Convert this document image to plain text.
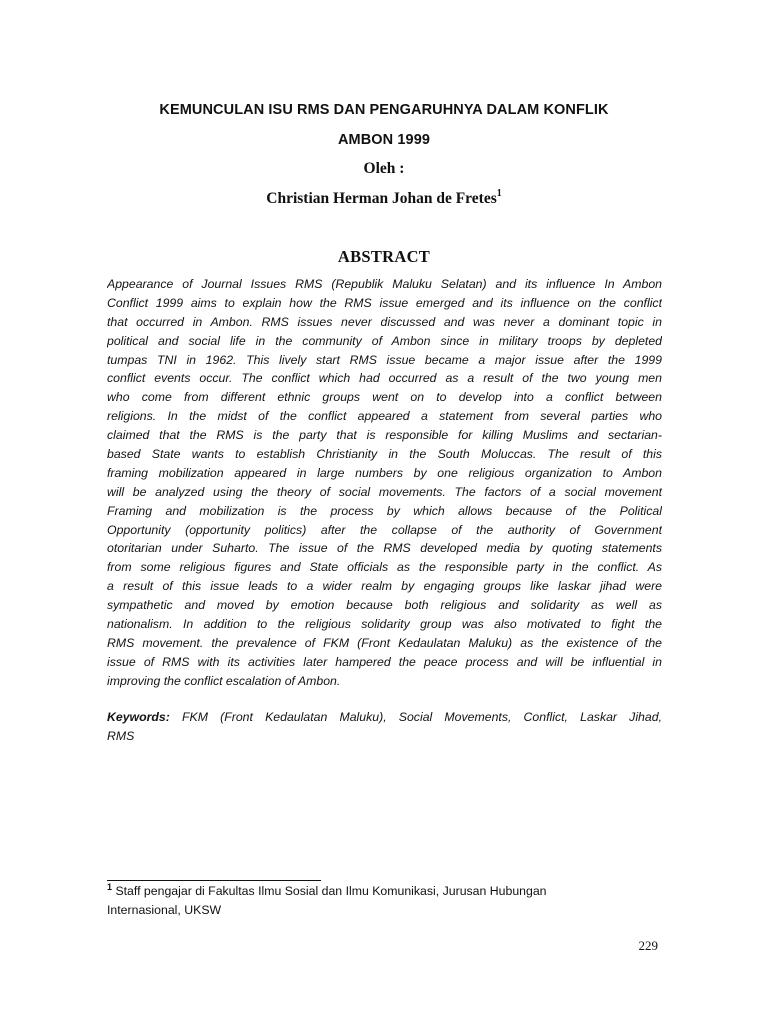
KEMUNCULAN ISU RMS DAN PENGARUHNYA DALAM KONFLIK
AMBON 1999
Oleh :
Christian Herman Johan de Fretes$^1$
ABSTRACT
Appearance of Journal Issues RMS (Republik Maluku Selatan) and its influence In Ambon
Conflict 1999 aims to explain how the RMS issue emerged and its influence on the conflict
that occurred in Ambon. RMS issues never discussed and was never a dominant topic in
political and social life in the community of Ambon since in military troops by depleted
tumpas TNI in 1962. This lively start RMS issue became a major issue after the 1999
conflict events occur. The conflict which had occurred as a result of the two young men
who come from different ethnic groups went on to develop into a conflict between
religions. In the midst of the conflict appeared a statement from several parties who
claimed that the RMS is the party that is responsible for killing Muslims and sectarian-
based State wants to establish Christianity in the South Moluccas. The result of this
framing mobilization appeared in large numbers by one religious organization to Ambon
will be analyzed using the theory of social movements. The factors of a social movement
Framing and mobilization is the process by which allows because of the Political
Opportunity (opportunity politics) after the collapse of the authority of Government
otoritarian under Suharto. The issue of the RMS developed media by quoting statements
from some religious figures and State officials as the responsible party in the conflict. As
a result of this issue leads to a wider realm by engaging groups like laskar jihad were
sympathetic and moved by emotion because both religious and solidarity as well as
nationalism. In addition to the religious solidarity group was also motivated to fight the
RMS movement. the prevalence of FKM (Front Kedaulatan Maluku) as the existence of the
issue of RMS with its activities later hampered the peace process and will be influential in
improving the conflict escalation of Ambon.
Keywords: FKM (Front Kedaulatan Maluku), Social Movements, Conflict, Laskar Jihad,
RMS
$^1$ Staff pengajar di Fakultas Ilmu Sosial dan Ilmu Komunikasi, Jurusan Hubungan
Internasional, UKSW
229
